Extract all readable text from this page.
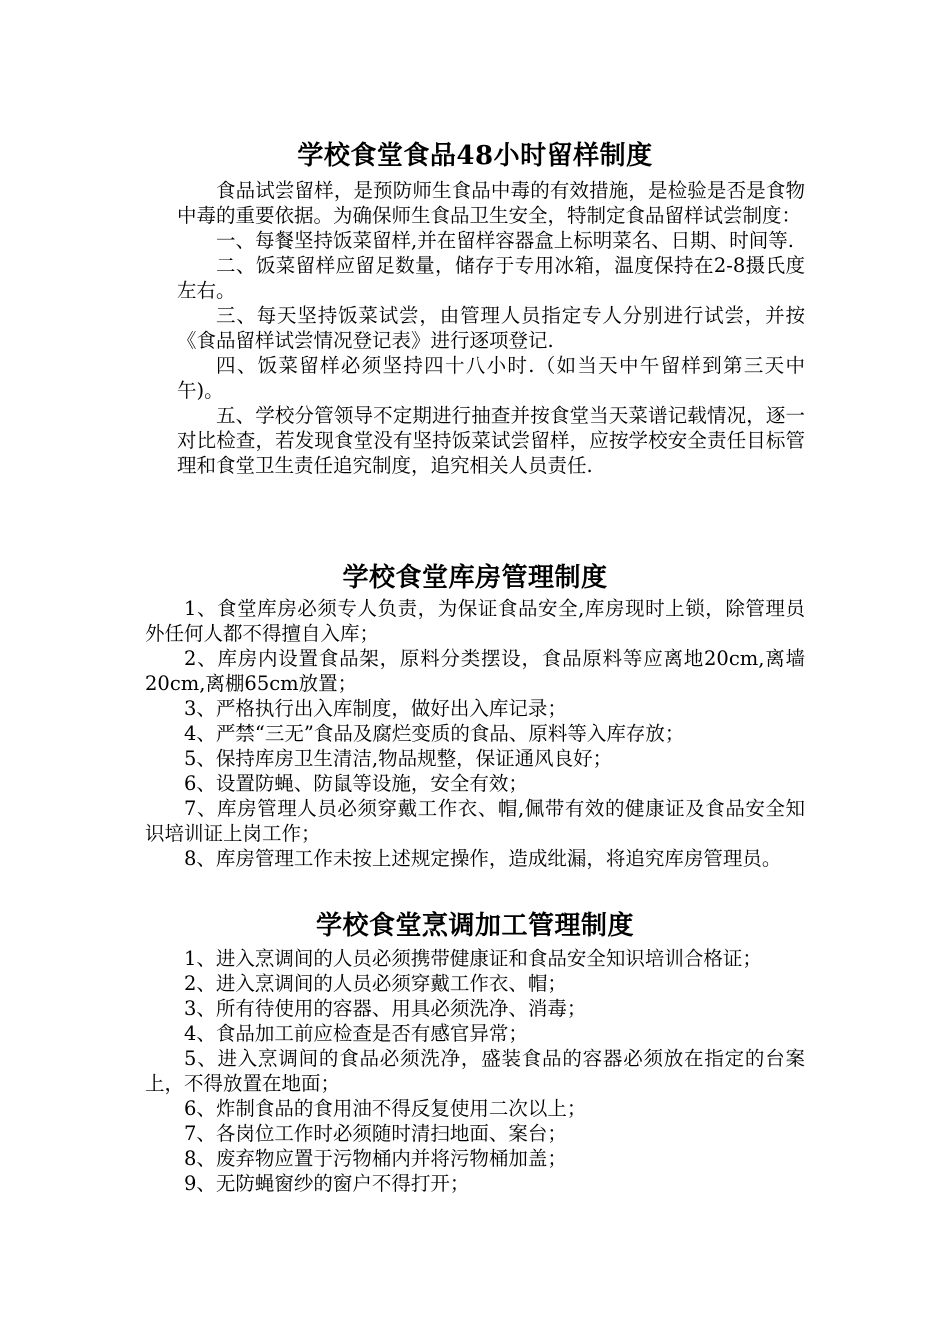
学校食堂食品48小时留样制度

食品试尝留样，是预防师生食品中毒的有效措施，是检验是否是食物中毒的重要依据。为确保师生食品卫生安全，特制定食品留样试尝制度：

一、每餐坚持饭菜留样,并在留样容器盒上标明菜名、日期、时间等.

二、饭菜留样应留足数量，储存于专用冰箱，温度保持在2-8摄氏度左右。

三、每天坚持饭菜试尝，由管理人员指定专人分别进行试尝，并按《食品留样试尝情况登记表》进行逐项登记.

四、饭菜留样必须坚持四十八小时.（如当天中午留样到第三天中午)。

五、学校分管领导不定期进行抽查并按食堂当天菜谱记载情况，逐一对比检查，若发现食堂没有坚持饭菜试尝留样，应按学校安全责任目标管理和食堂卫生责任追究制度，追究相关人员责任.

学校食堂库房管理制度

1、食堂库房必须专人负责，为保证食品安全,库房现时上锁，除管理员外任何人都不得擅自入库；

2、库房内设置食品架，原料分类摆设，食品原料等应离地20cm,离墙20cm,离棚65cm放置；

3、严格执行出入库制度，做好出入库记录；

4、严禁“三无”食品及腐烂变质的食品、原料等入库存放；

5、保持库房卫生清洁,物品规整，保证通风良好；

6、设置防蝇、防鼠等设施，安全有效；

7、库房管理人员必须穿戴工作衣、帽,佩带有效的健康证及食品安全知识培训证上岗工作；

8、库房管理工作未按上述规定操作，造成纰漏，将追究库房管理员。

学校食堂烹调加工管理制度

1、进入烹调间的人员必须携带健康证和食品安全知识培训合格证；

2、进入烹调间的人员必须穿戴工作衣、帽；

3、所有待使用的容器、用具必须洗净、消毒；

4、食品加工前应检查是否有感官异常；

5、进入烹调间的食品必须洗净，盛装食品的容器必须放在指定的台案上，不得放置在地面；

6、炸制食品的食用油不得反复使用二次以上；

7、各岗位工作时必须随时清扫地面、案台；

8、废弃物应置于污物桶内并将污物桶加盖；

9、无防蝇窗纱的窗户不得打开；
